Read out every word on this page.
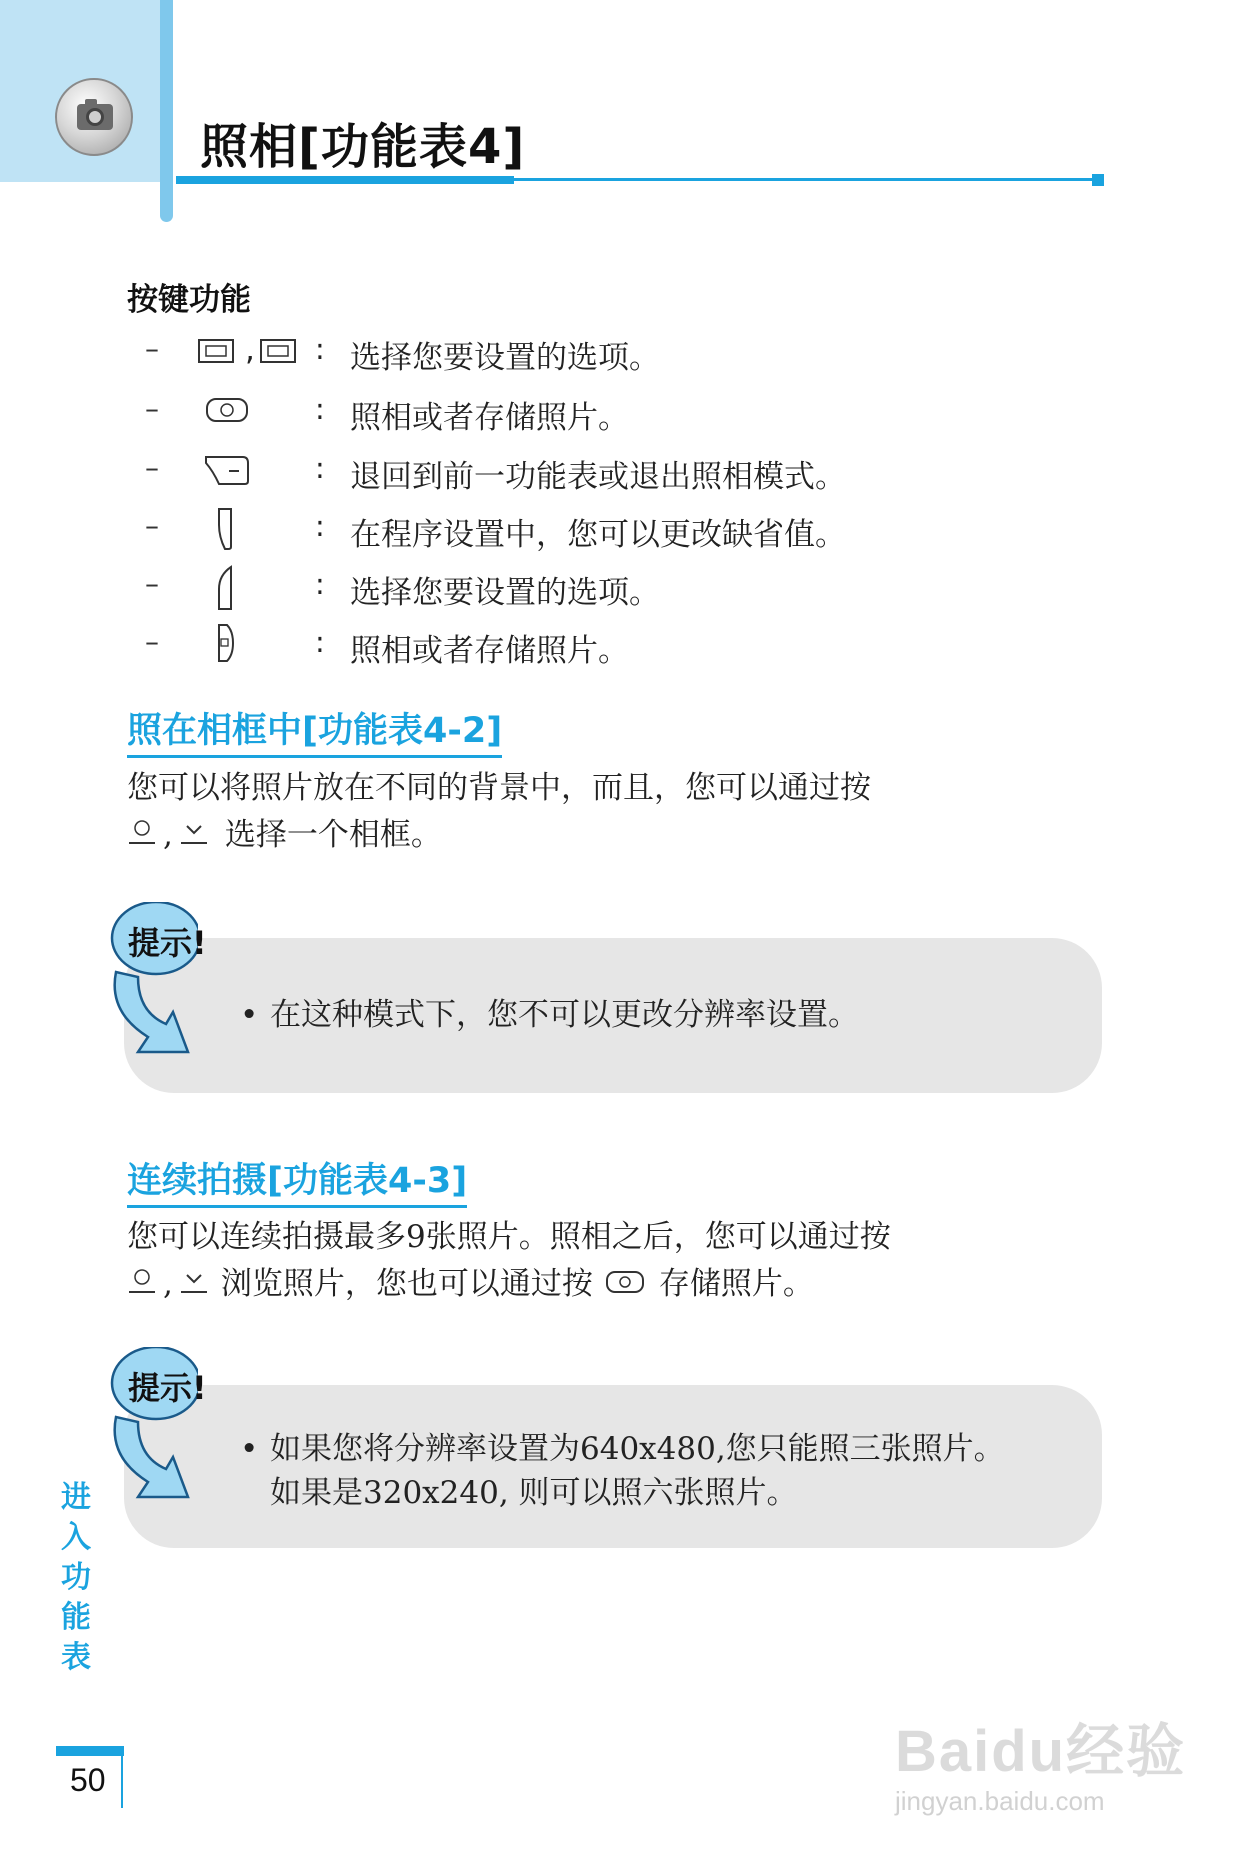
照相[功能表4]
按键功能
–	, : 选择您要设置的选项。
–	: 照相或者存储照片。
–	: 退回到前一功能表或退出照相模式。
–	: 在程序设置中，您可以更改缺省值。
–	: 选择您要设置的选项。
–	: 照相或者存储照片。
照在相框中[功能表4-2]
您可以将照片放在不同的背景中，而且，您可以通过按
, 选择一个相框。
提示!
• 在这种模式下，您不可以更改分辨率设置。
连续拍摄[功能表4-3]
您可以连续拍摄最多9张照片。照相之后，您可以通过按
, 浏览照片，您也可以通过按 存储照片。
提示!
• 如果您将分辨率设置为640x480,您只能照三张照片。
如果是320x240, 则可以照六张照片。
进
入
功
能
表
50	Baidu经验
jingyan.baidu.com
